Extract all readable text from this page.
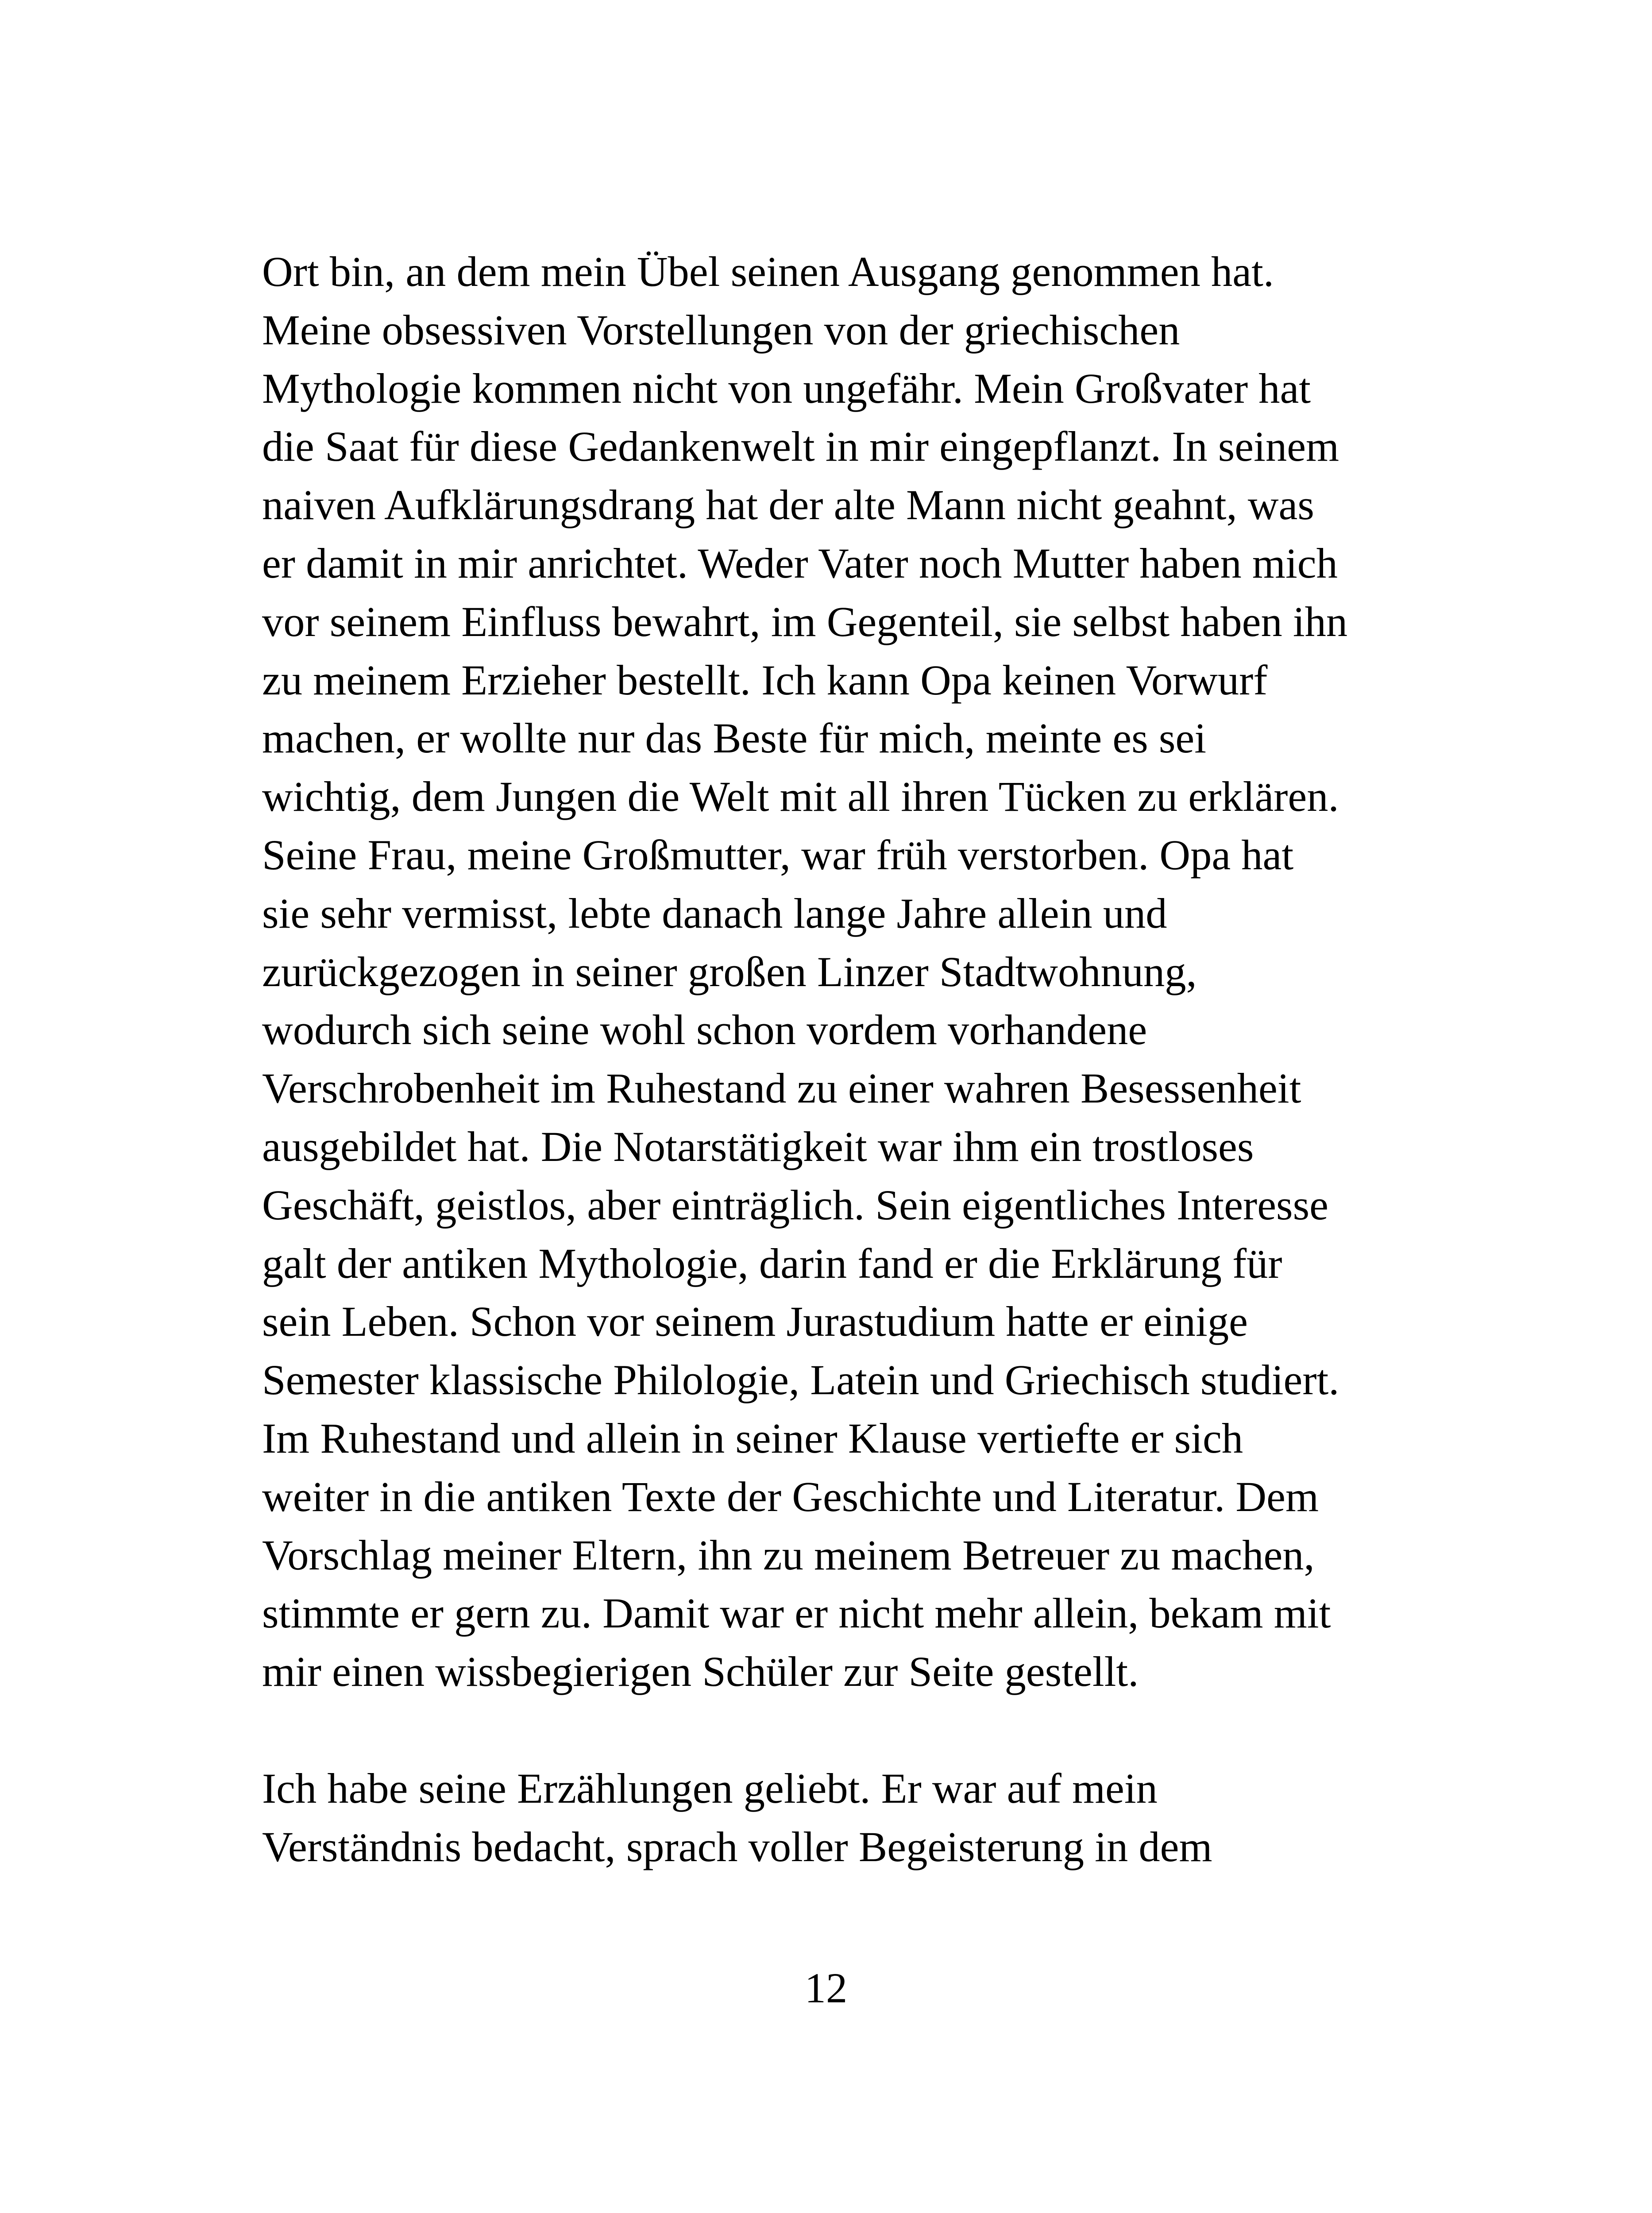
Ort bin, an dem mein Übel seinen Ausgang genommen hat.
Meine obsessiven Vorstellungen von der griechischen
Mythologie kommen nicht von ungefähr. Mein Großvater hat
die Saat für diese Gedankenwelt in mir eingepflanzt. In seinem
naiven Aufklärungsdrang hat der alte Mann nicht geahnt, was
er damit in mir anrichtet. Weder Vater noch Mutter haben mich
vor seinem Einfluss bewahrt, im Gegenteil, sie selbst haben ihn
zu meinem Erzieher bestellt. Ich kann Opa keinen Vorwurf
machen, er wollte nur das Beste für mich, meinte es sei
wichtig, dem Jungen die Welt mit all ihren Tücken zu erklären.
Seine Frau, meine Großmutter, war früh verstorben. Opa hat
sie sehr vermisst, lebte danach lange Jahre allein und
zurückgezogen in seiner großen Linzer Stadtwohnung,
wodurch sich seine wohl schon vordem vorhandene
Verschrobenheit im Ruhestand zu einer wahren Besessenheit
ausgebildet hat. Die Notarstätigkeit war ihm ein trostloses
Geschäft, geistlos, aber einträglich. Sein eigentliches Interesse
galt der antiken Mythologie, darin fand er die Erklärung für
sein Leben. Schon vor seinem Jurastudium hatte er einige
Semester klassische Philologie, Latein und Griechisch studiert.
Im Ruhestand und allein in seiner Klause vertiefte er sich
weiter in die antiken Texte der Geschichte und Literatur. Dem
Vorschlag meiner Eltern, ihn zu meinem Betreuer zu machen,
stimmte er gern zu. Damit war er nicht mehr allein, bekam mit
mir einen wissbegierigen Schüler zur Seite gestellt.
Ich habe seine Erzählungen geliebt. Er war auf mein
Verständnis bedacht, sprach voller Begeisterung in dem
12
